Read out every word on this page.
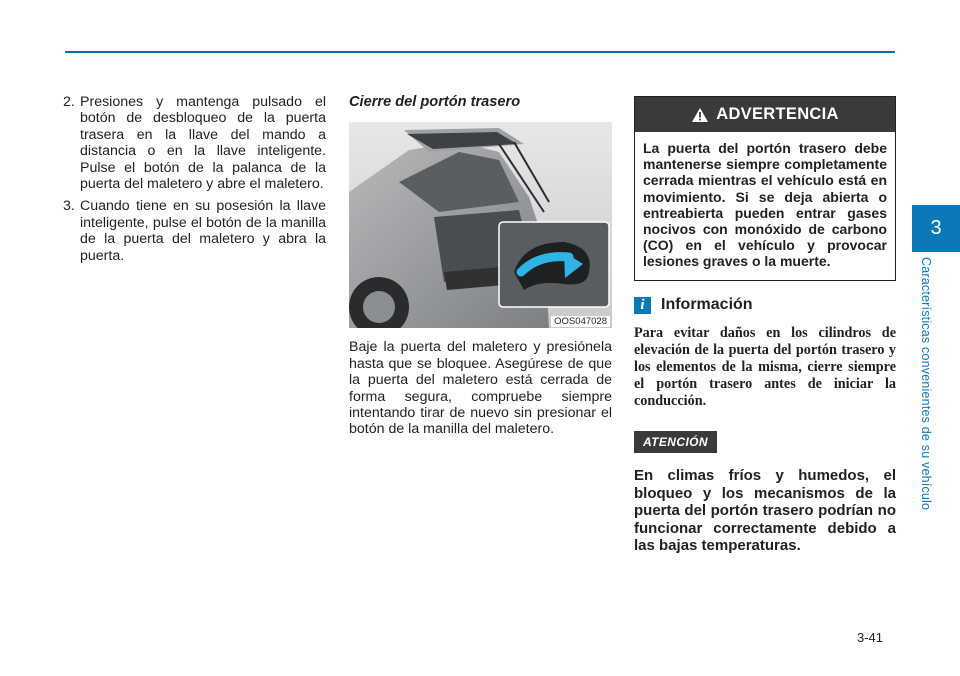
2. Presiones y mantenga pulsado el botón de desbloqueo de la puerta trasera en la llave del mando a distancia o en la llave inteligente. Pulse el botón de la palanca de la puerta del maletero y abre el maletero.
3. Cuando tiene en su posesión la llave inteligente, pulse el botón de la manilla de la puerta del maletero y abra la puerta.
Cierre del portón trasero
OOS047028

Baje la puerta del maletero y presiónela hasta que se bloquee. Asegúrese de que la puerta del maletero está cerrada de forma segura, compruebe siempre intentando tirar de nuevo sin presionar el botón de la manilla del maletero.

ADVERTENCIA
La puerta del portón trasero debe mantenerse siempre completamente cerrada mientras el vehículo está en movimiento. Si se deja abierta o entreabierta pueden entrar gases nocivos con monóxido de carbono (CO) en el vehículo y provocar lesiones graves o la muerte.
i	Información
Para evitar daños en los cilindros de elevación de la puerta del portón trasero y los elementos de la misma, cierre siempre el portón trasero antes de iniciar la conducción.
ATENCIÓN
En climas fríos y humedos, el bloqueo y los mecanismos de la puerta del portón trasero podrían no funcionar correctamente debido a las bajas temperaturas.
3
Características convenientes de su vehículo
3-41
